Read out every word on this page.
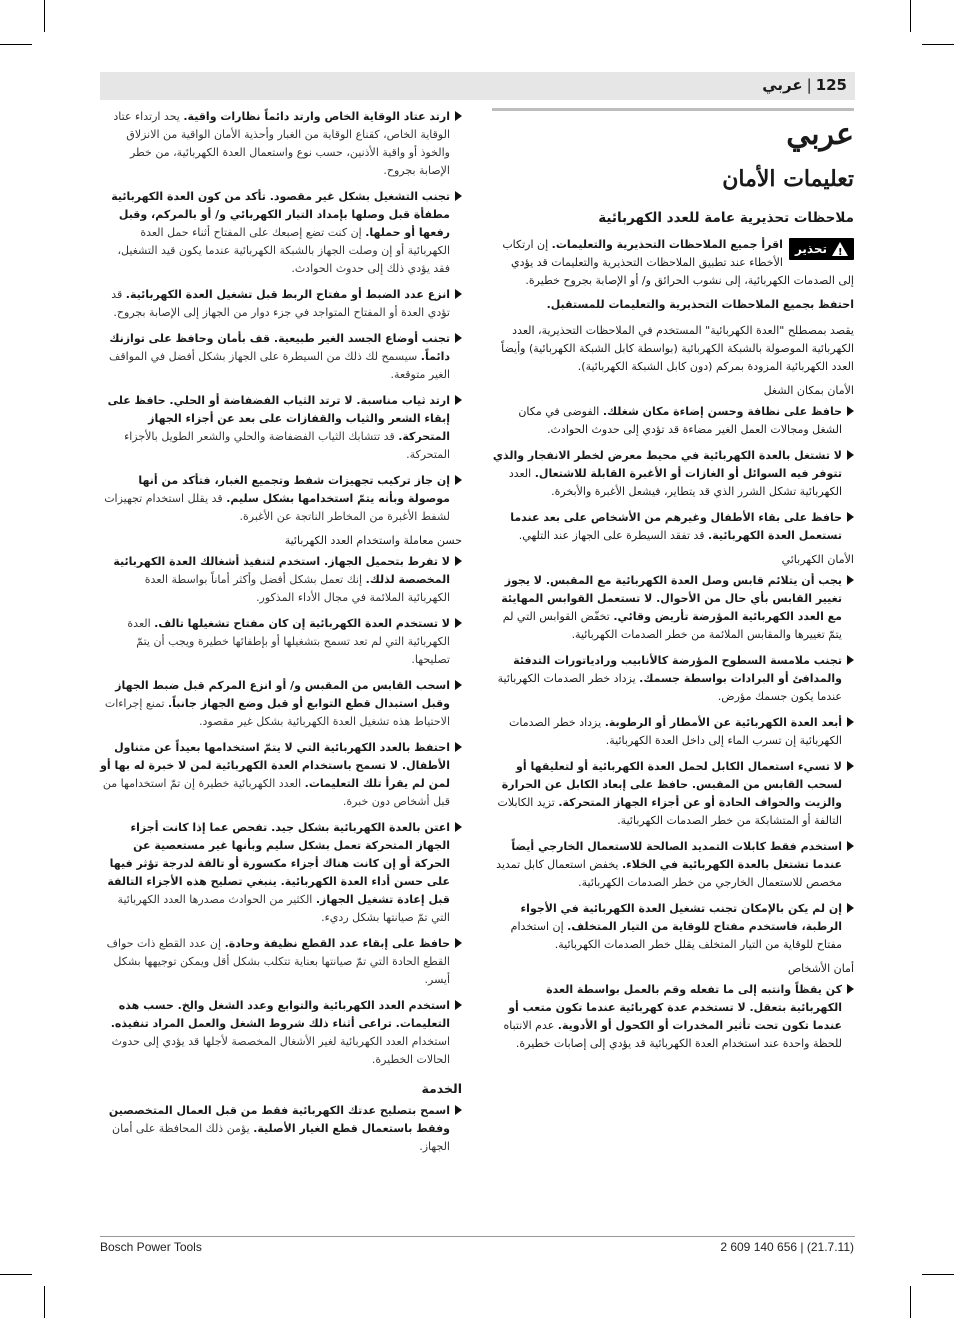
125|عربي
عربي
تعليمات الأمان
ملاحظات تحذيرية عامة للعدد الكهربائية
!
تحذير
اقرأ جميع الملاحظات التحذيرية والتعليمات. إن ارتكاب الأخطاء عند تطبيق الملاحظات التحذيرية والتعليمات قد يؤدي إلى الصدمات الكهربائية، إلى نشوب الحرائق و/ أو الإصابة بجروح خطيرة.

احتفظ بجميع الملاحظات التحذيرية والتعليمات للمستقبل.

يقصد بمصطلح "العدة الكهربائية" المستخدم في الملاحظات التحذيرية، العدد الكهربائية الموصولة بالشبكة الكهربائية (بواسطة كابل الشبكة الكهربائية) وأيضاً العدد الكهربائية المزودة بمركم (دون كابل الشبكة الكهربائية).

الأمان بمكان الشغل
حافظ على نظافة وحسن إضاءة مكان شغلك. الفوضى في مكان الشغل ومجالات العمل الغير مضاءة قد تؤدي إلى حدوث الحوادث.
لا تشتغل بالعدة الكهربائية في محيط معرض لخطر الانفجار والذي تتوفر فيه السوائل أو الغازات أو الأغبرة القابلة للاشتعال. العدد الكهربائية تشكل الشرر الذي قد يتطاير، فيشعل الأغبرة والأبخرة.
حافظ على بقاء الأطفال وغيرهم من الأشخاص على بعد عندما تستعمل العدة الكهربائية. قد تفقد السيطرة على الجهاز عند التلهي.
الأمان الكهربائي
يجب أن يتلائم قابس وصل العدة الكهربائية مع المقبس. لا يجوز تغيير القابس بأي حال من الأحوال. لا تستعمل القوابس المهايئة مع العدد الكهربائية المؤرضة تأريض وقائي. تخفّض القوابس التي لم يتمّ تغييرها والمقابس الملائمة من خطر الصدمات الكهربائية.
تجنب ملامسة السطوح المؤرضة كالأنابيب ورادياتورات التدفئة والمدافئ أو البرادات بواسطة جسمك. يزداد خطر الصدمات الكهربائية عندما يكون جسمك مؤرض.
أبعد العدة الكهربائية عن الأمطار أو الرطوبة. يزداد خطر الصدمات الكهربائية إن تسرب الماء إلى داخل العدة الكهربائية.
لا تسيء استعمال الكابل لحمل العدة الكهربائية أو لتعليقها أو لسحب القابس من المقبس. حافظ على إبعاد الكابل عن الحرارة والزيت والحواف الحادة أو عن أجزاء الجهاز المتحركة. تزيد الكابلات التالفة أو المتشابكة من خطر الصدمات الكهربائية.
استخدم فقط كابلات التمديد الصالحة للاستعمال الخارجي أيضاً عندما تشتغل بالعدة الكهربائية في الخلاء. يخفض استعمال كابل تمديد مخصص للاستعمال الخارجي من خطر الصدمات الكهربائية.
إن لم يكن بالإمكان تجنب تشغيل العدة الكهربائية في الأجواء الرطبة، فاستخدم مفتاح للوقاية من التيار المتخلف. إن استخدام مفتاح للوقاية من التيار المتخلف يقلل خطر الصدمات الكهربائية.
أمان الأشخاص
كن يقظاً وانتبه إلى ما تفعله وقم بالعمل بواسطة العدة الكهربائية بتعقل. لا تستخدم عدة كهربائية عندما تكون متعب أو عندما تكون تحت تأثير المخدرات أو الكحول أو الأدوية. عدم الانتباه للحظة واحدة عند استخدام العدة الكهربائية قد يؤدي إلى إصابات خطيرة.
ارتد عتاد الوقاية الخاص وارتد دائماً نظارات واقية. يحد ارتداء عتاد الوقاية الخاص، كقناع الوقاية من الغبار وأحذية الأمان الواقية من الانزلاق والخوذ أو واقية الأذنين، حسب نوع واستعمال العدة الكهربائية، من خطر الإصابة بجروح.
تجنب التشغيل بشكل غير مقصود. تأكد من كون العدة الكهربائية مطفأة قبل وصلها بإمداد التيار الكهربائي و/ أو بالمركم، وقبل رفعها أو حملها. إن كنت تضع إصبعك على المفتاح أثناء حمل العدة الكهربائية أو إن وصلت الجهاز بالشبكة الكهربائية عندما يكون قيد التشغيل، فقد يؤدي ذلك إلى حدوث الحوادث.
انزع عدد الضبط أو مفتاح الربط قبل تشغيل العدة الكهربائية. قد تؤدي العدة أو المفتاح المتواجد في جزء دوار من الجهاز إلى الإصابة بجروح.
تجنب أوضاع الجسد الغير طبيعية. قف بأمان وحافظ على توازنك دائماً. سيسمح لك ذلك من السيطرة على الجهاز بشكل أفضل في المواقف الغير متوقعة.
ارتد ثياب مناسبة. لا ترتد الثياب الفضفاضة أو الحلي. حافظ على إبقاء الشعر والثياب والقفازات على بعد عن أجزاء الجهاز المتحركة. قد تتشابك الثياب الفضفاضة والحلي والشعر الطويل بالأجزاء المتحركة.
إن جاز تركيب تجهيزات شفط وتجميع الغبار، فتأكد من أنها موصولة وبأنه يتمّ استخدامها بشكل سليم. قد يقلل استخدام تجهيزات لشفط الأغبرة من المخاطر الناتجة عن الأغبرة.
حسن معاملة واستخدام العدد الكهربائية
لا تفرط بتحميل الجهاز. استخدم لتنفيذ أشغالك العدة الكهربائية المخصصة لذلك. إنك تعمل بشكل أفضل وأكثر أماناً بواسطة العدة الكهربائية الملائمة في مجال الأداء المذكور.
لا تستخدم العدة الكهربائية إن كان مفتاح تشغيلها تالف. العدة الكهربائية التي لم تعد تسمح بتشغيلها أو بإطفائها خطيرة ويجب أن يتمّ تصليحها.
اسحب القابس من المقبس و/ أو انزع المركم قبل ضبط الجهاز وقبل استبدال قطع التوابع أو قبل وضع الجهاز جانباً. تمنع إجراءات الاحتياط هذه تشغيل العدة الكهربائية بشكل غير مقصود.
احتفظ بالعدد الكهربائية التي لا يتمّ استخدامها بعيداً عن متناول الأطفال. لا تسمح باستخدام العدة الكهربائية لمن لا خبرة له بها أو لمن لم يقرأ تلك التعليمات. العدد الكهربائية خطيرة إن تمّ استخدامها من قبل أشخاص دون خبرة.
اعتن بالعدة الكهربائية بشكل جيد. تفحص عما إذا كانت أجزاء الجهاز المتحركة تعمل بشكل سليم وبأنها غير مستعصية عن الحركة أو إن كانت هناك أجزاء مكسورة أو تالفة لدرجة تؤثر فيها على حسن أداء العدة الكهربائية. ينبغي تصليح هذه الأجزاء التالفة قبل إعادة تشغيل الجهاز. الكثير من الحوادث مصدرها العدد الكهربائية التي تمّ صيانتها بشكل رديء.
حافظ على إبقاء عدد القطع نظيفة وحادة. إن عدد القطع ذات حواف القطع الحادة التي تمّ صيانتها بعناية تتكلب بشكل أقل ويمكن توجيهها بشكل أيسر.
استخدم العدد الكهربائية والتوابع وعدد الشغل والخ. حسب هذه التعليمات. تراعى أثناء ذلك شروط الشغل والعمل المراد تنفيذه. استخدام العدد الكهربائية لغير الأشغال المخصصة لأجلها قد يؤدي إلى حدوث الحالات الخطيرة.
الخدمة
اسمح بتصليح عدتك الكهربائية فقط من قبل العمال المتخصصين وفقط باستعمال قطع الغيار الأصلية. يؤمن ذلك المحافظة على أمان الجهاز.
Bosch Power Tools	2 609 140 656 | (21.7.11)
